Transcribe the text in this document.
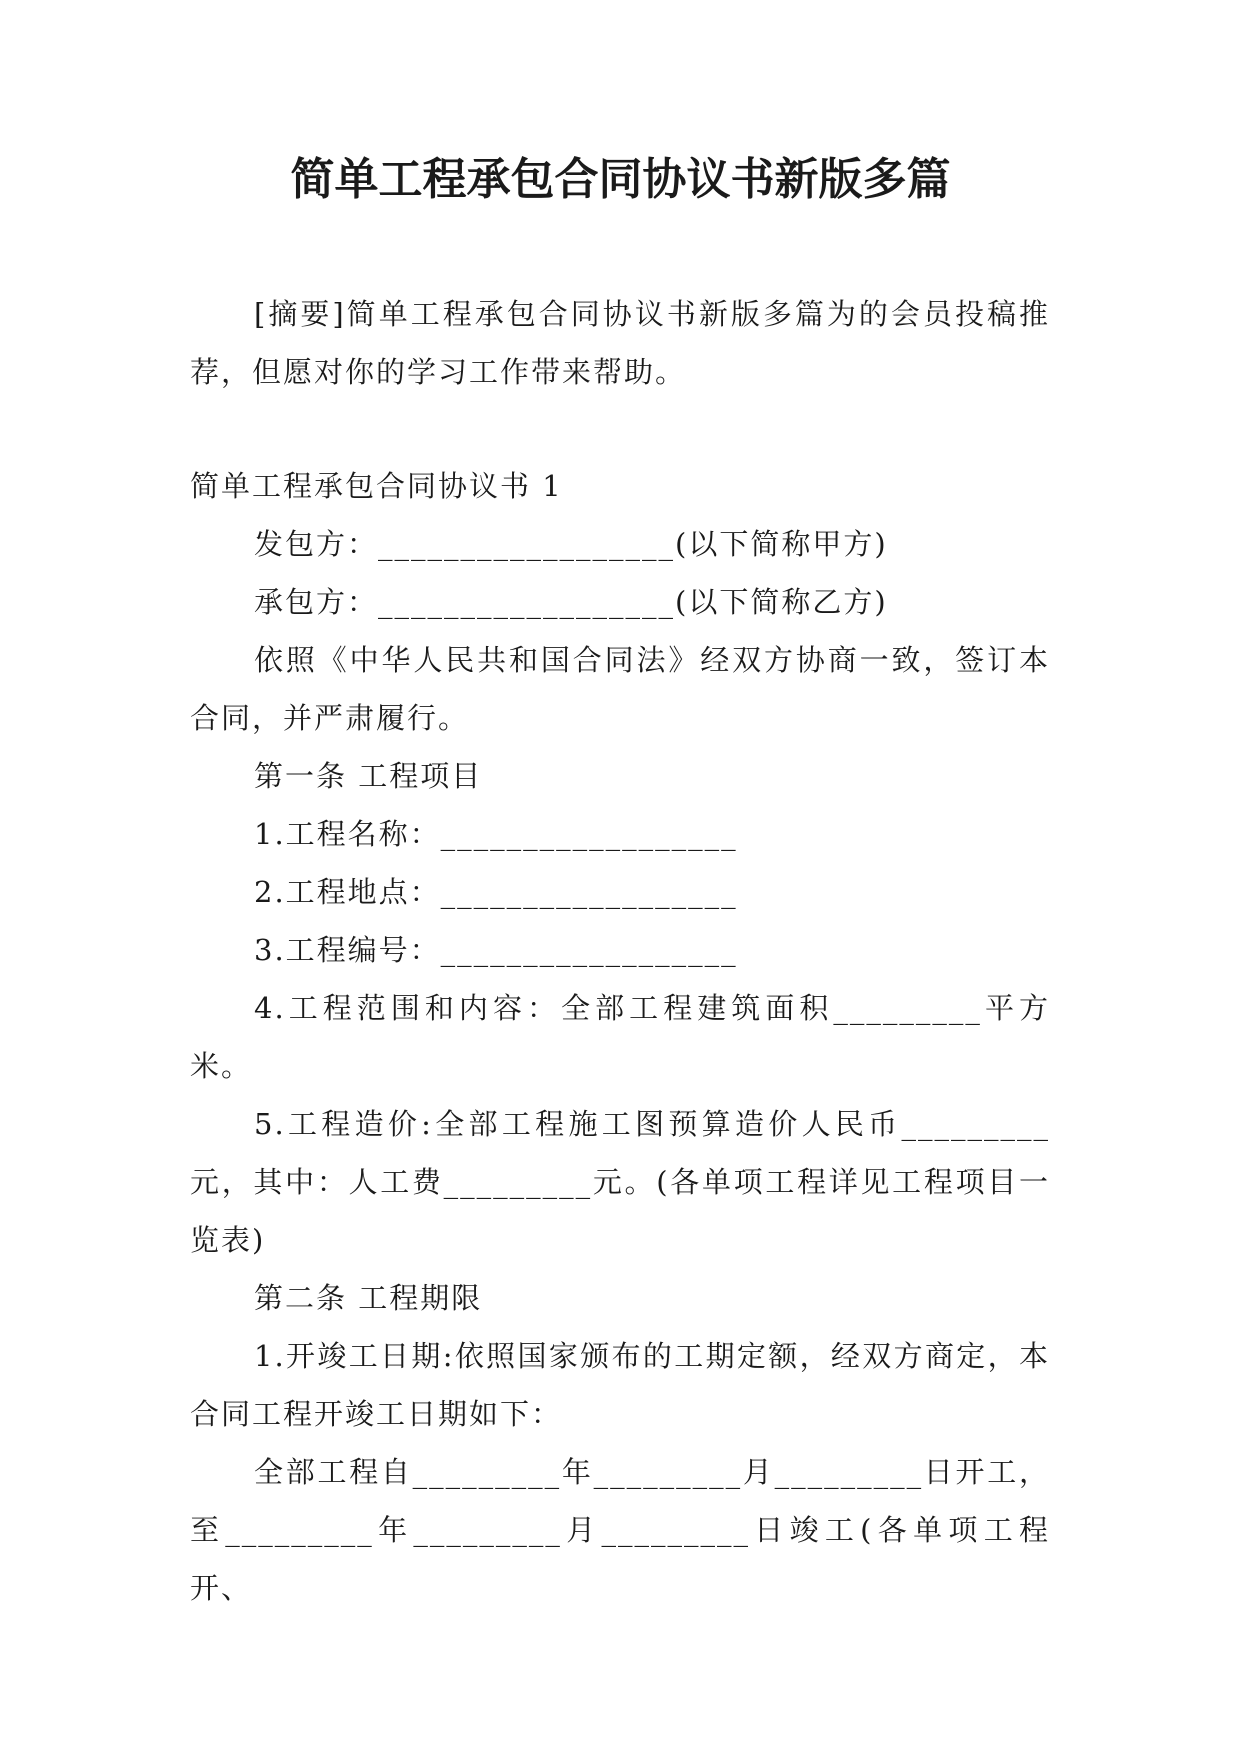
简单工程承包合同协议书新版多篇

[摘要]简单工程承包合同协议书新版多篇为的会员投稿推荐，但愿对你的学习工作带来帮助。

简单工程承包合同协议书 1

发包方：__________________(以下简称甲方)

承包方：__________________(以下简称乙方)

依照《中华人民共和国合同法》经双方协商一致，签订本合同，并严肃履行。

第一条 工程项目

1.工程名称：__________________

2.工程地点：__________________

3.工程编号：__________________

4.工程范围和内容：全部工程建筑面积_________平方米。

5.工程造价:全部工程施工图预算造价人民币_________元，其中：人工费_________元。(各单项工程详见工程项目一览表)

第二条 工程期限

1.开竣工日期:依照国家颁布的工期定额，经双方商定，本合同工程开竣工日期如下：

全部工程自_________年_________月_________日开工，至_________年_________月_________日竣工(各单项工程开、
